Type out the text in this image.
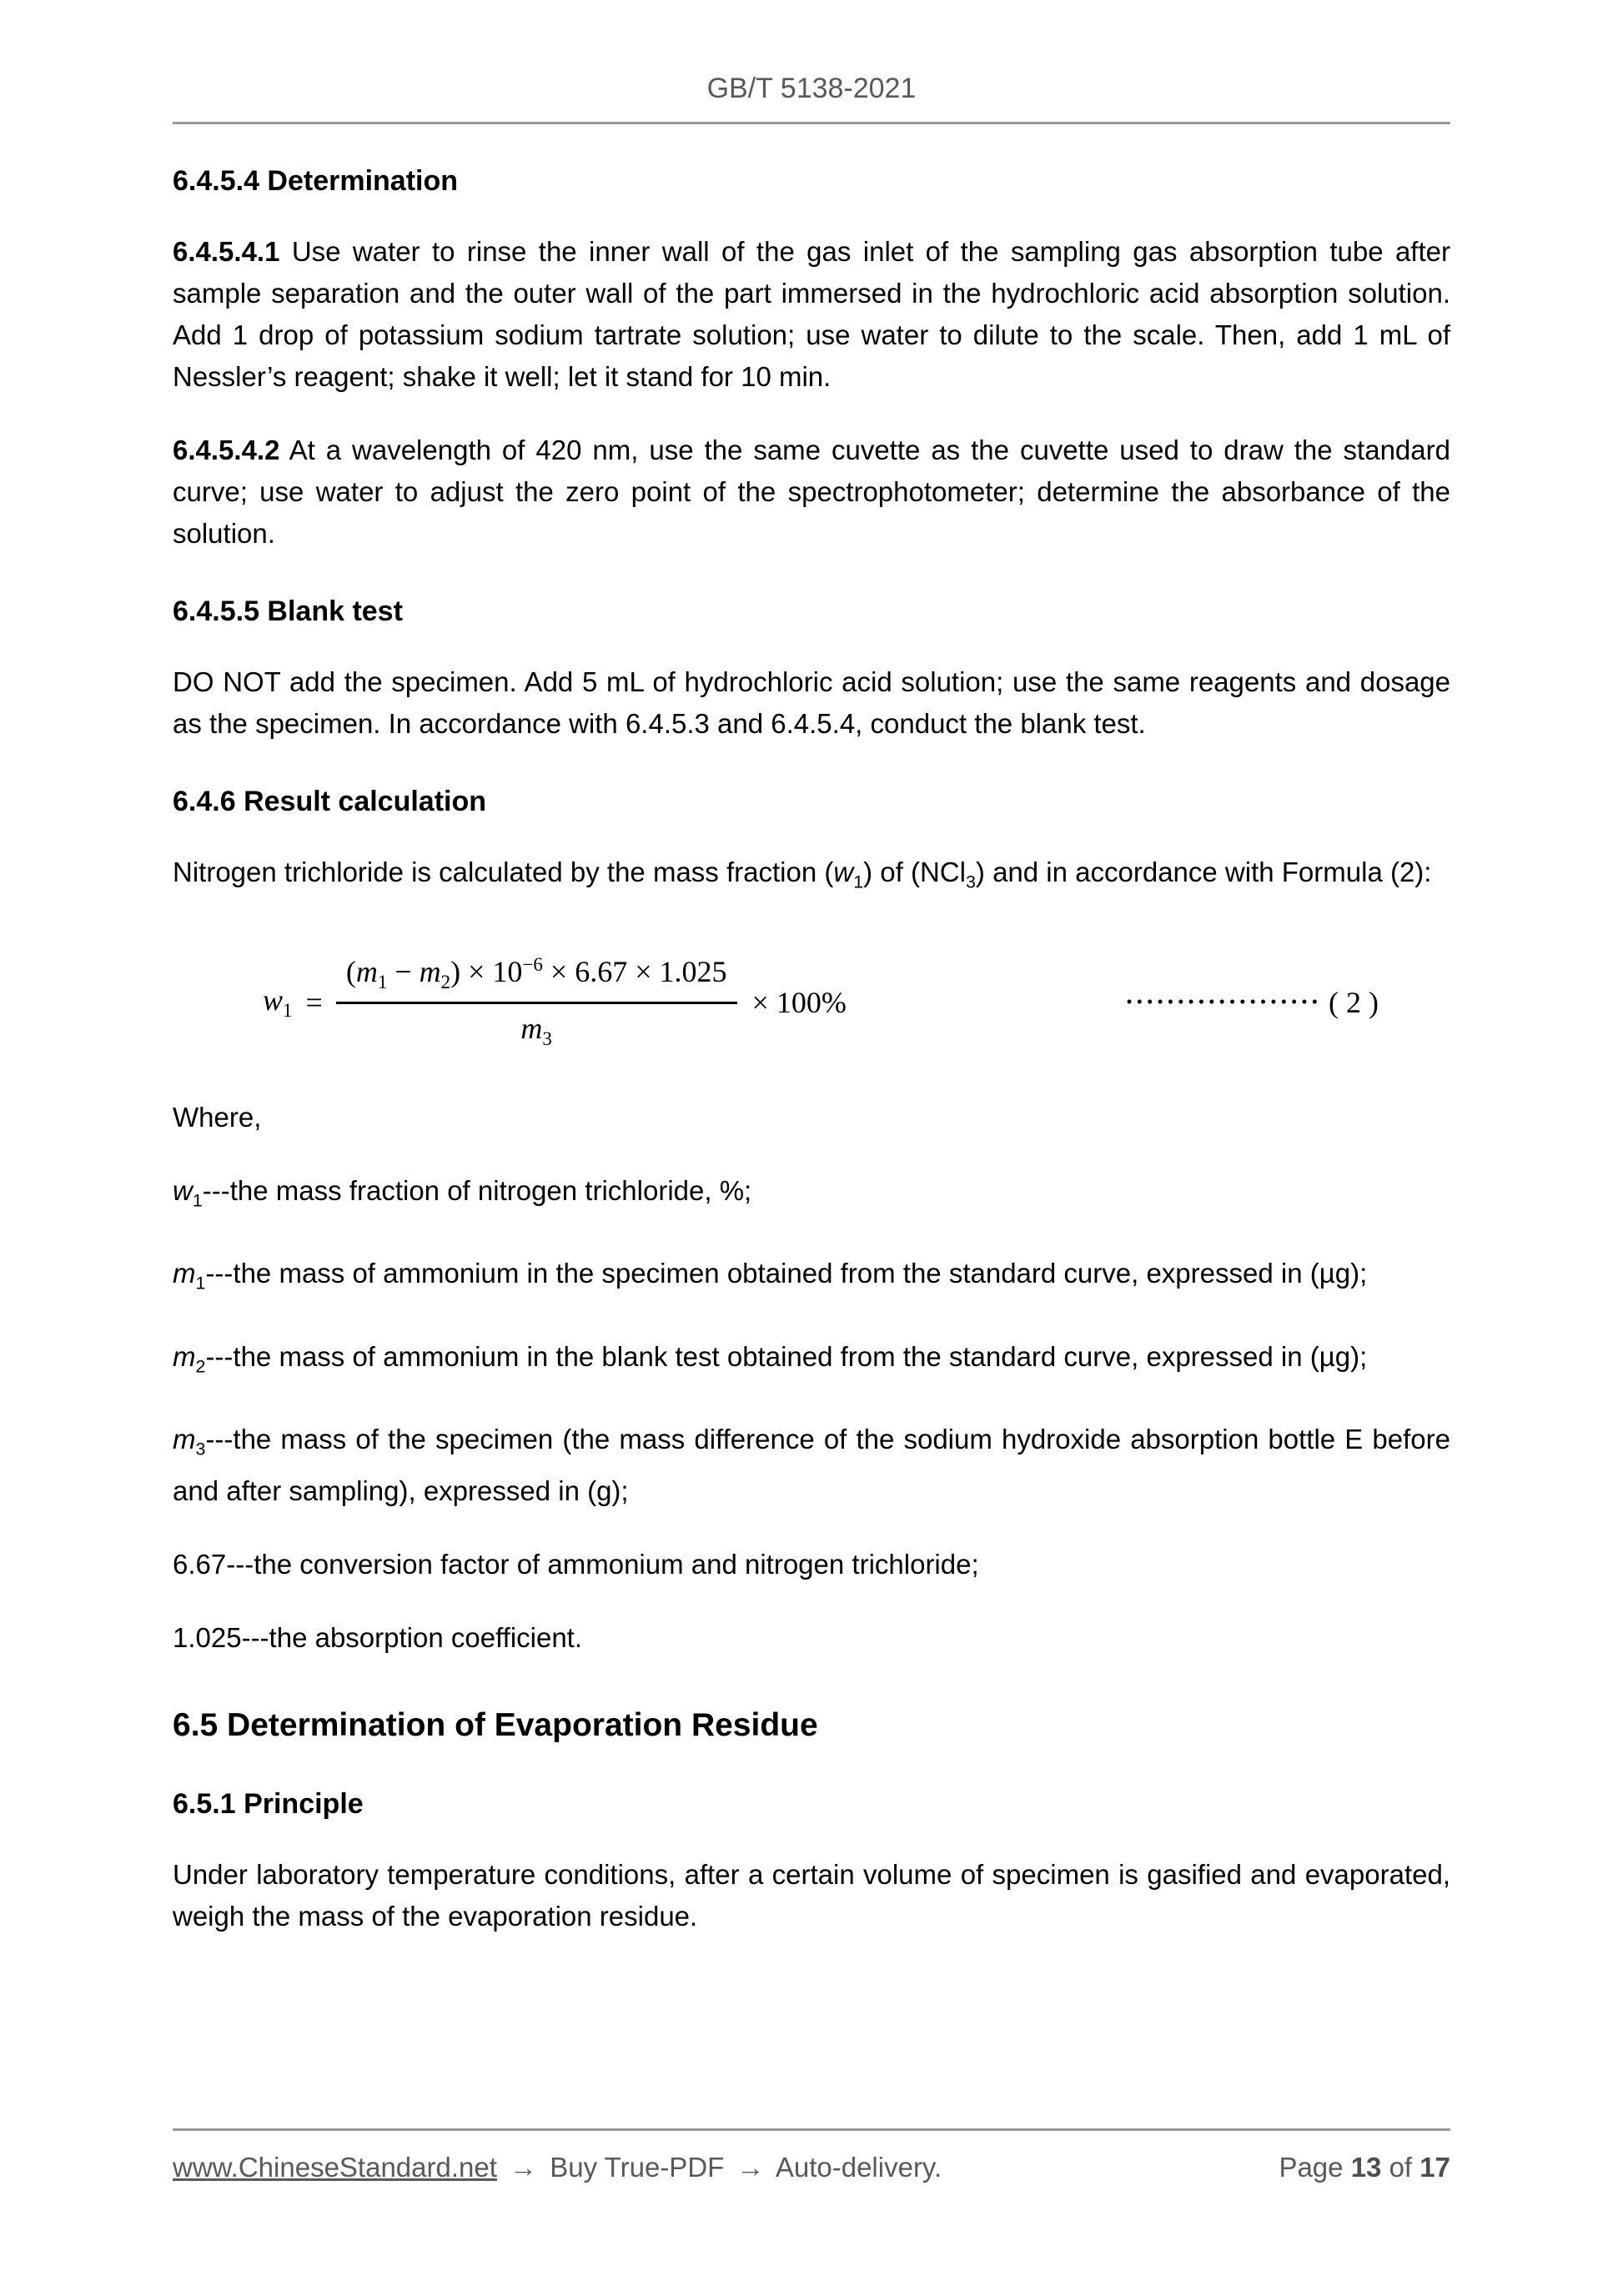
GB/T 5138-2021
6.4.5.4 Determination

6.4.5.4.1 Use water to rinse the inner wall of the gas inlet of the sampling gas absorption tube after sample separation and the outer wall of the part immersed in the hydrochloric acid absorption solution. Add 1 drop of potassium sodium tartrate solution; use water to dilute to the scale. Then, add 1 mL of Nessler’s reagent; shake it well; let it stand for 10 min.

6.4.5.4.2 At a wavelength of 420 nm, use the same cuvette as the cuvette used to draw the standard curve; use water to adjust the zero point of the spectrophotometer; determine the absorbance of the solution.

6.4.5.5 Blank test

DO NOT add the specimen. Add 5 mL of hydrochloric acid solution; use the same reagents and dosage as the specimen. In accordance with 6.4.5.3 and 6.4.5.4, conduct the blank test.

6.4.6 Result calculation

Nitrogen trichloride is calculated by the mass fraction $(w_1)$ of (NCl$_3$) and in accordance with Formula (2):

$w_1 = \frac{(m_1 - m_2) \times 10^{-6} \times 6.67 \times 1.025}{m_3} \times 100\%$	••••••••••••••••••• ( 2 )

Where,

$w_1--$-the mass fraction of nitrogen trichloride, %;

$m_1--$-the mass of ammonium in the specimen obtained from the standard curve, expressed in (µg);

$m_2--$-the mass of ammonium in the blank test obtained from the standard curve, expressed in (µg);

$m_3--$-the mass of the specimen (the mass difference of the sodium hydroxide absorption bottle E before and after sampling), expressed in (g);

6.67---the conversion factor of ammonium and nitrogen trichloride;

1.025---the absorption coefficient.

6.5 Determination of Evaporation Residue
6.5.1 Principle

Under laboratory temperature conditions, after a certain volume of specimen is gasified and evaporated, weigh the mass of the evaporation residue.

www.ChineseStandard.net → Buy True-PDF → Auto-delivery.	Page 13 of 17
